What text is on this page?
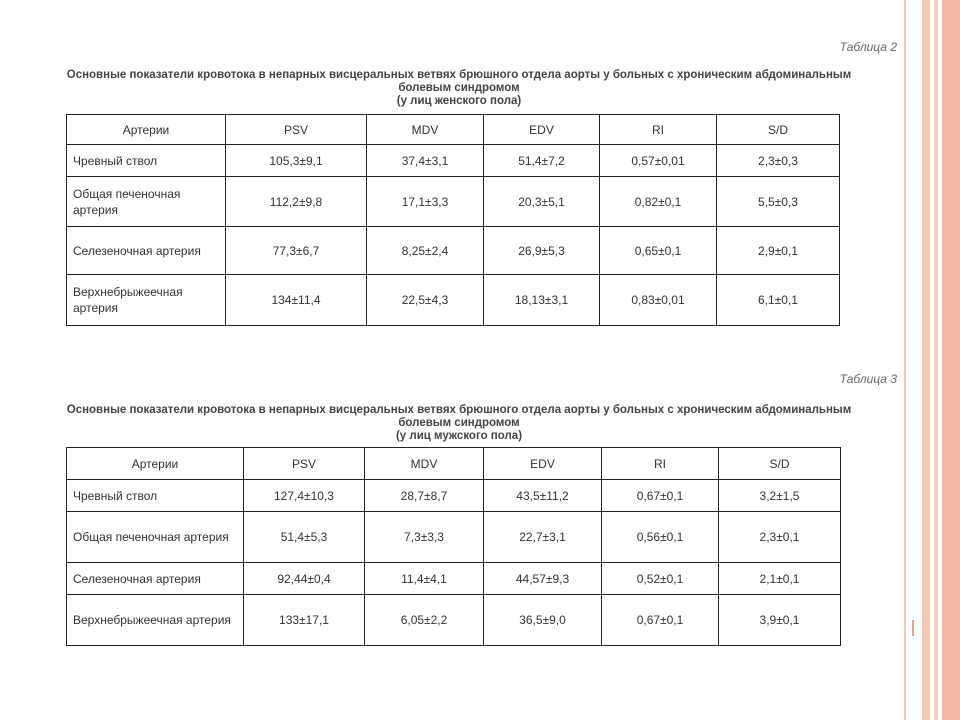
Таблица 2
Основные показатели кровотока в непарных висцеральных ветвях брюшного отдела аорты у больных с хроническим абдоминальным
болевым синдромом
(у лиц женского пола)
Артерии	PSV	MDV	EDV	RI	S/D
Чревный ствол	105,3±9,1	37,4±3,1	51,4±7,2	0,57±0,01	2,3±0,3
Общая печеночная артерия	112,2±9,8	17,1±3,3	20,3±5,1	0,82±0,1	5,5±0,3
Селезеночная артерия	77,3±6,7	8,25±2,4	26,9±5,3	0,65±0,1	2,9±0,1
Верхнебрыжеечная артерия	134±11,4	22,5±4,3	18,13±3,1	0,83±0,01	6,1±0,1
Таблица 3
Основные показатели кровотока в непарных висцеральных ветвях брюшного отдела аорты у больных с хроническим абдоминальным
болевым синдромом
(у лиц мужского пола)
Артерии	PSV	MDV	EDV	RI	S/D
Чревный ствол	127,4±10,3	28,7±8,7	43,5±11,2	0,67±0,1	3,2±1,5
Общая печеночная артерия	51,4±5,3	7,3±3,3	22,7±3,1	0,56±0,1	2,3±0,1
Селезеночная артерия	92,44±0,4	11,4±4,1	44,57±9,3	0,52±0,1	2,1±0,1
Верхнебрыжеечная артерия	133±17,1	6,05±2,2	36,5±9,0	0,67±0,1	3,9±0,1
